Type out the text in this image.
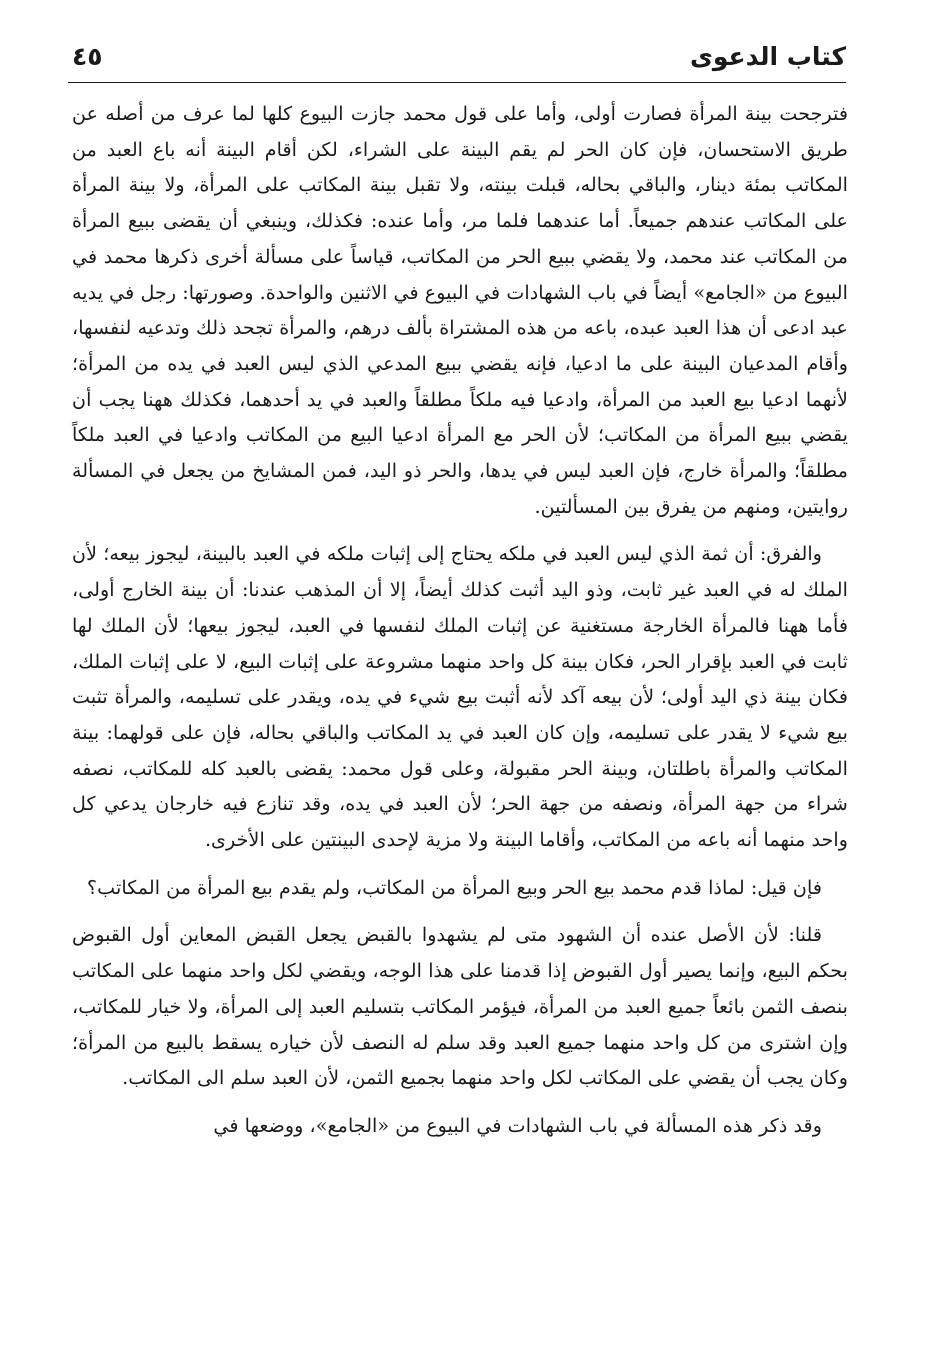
كتاب الدعوى
٤٥

فترجحت بينة المرأة فصارت أولى، وأما على قول محمد جازت البيوع كلها لما عرف من أصله عن طريق الاستحسان، فإن كان الحر لم يقم البينة على الشراء، لكن أقام البينة أنه باع العبد من المكاتب بمئة دينار، والباقي بحاله، قبلت بينته، ولا تقبل بينة المكاتب على المرأة، ولا بينة المرأة على المكاتب عندهم جميعاً. أما عندهما فلما مر، وأما عنده: فكذلك، وينبغي أن يقضى ببيع المرأة من المكاتب عند محمد، ولا يقضي ببيع الحر من المكاتب، قياساً على مسألة أخرى ذكرها محمد في البيوع من «الجامع» أيضاً في باب الشهادات في البيوع في الاثنين والواحدة. وصورتها: رجل في يديه عبد ادعى أن هذا العبد عبده، باعه من هذه المشتراة بألف درهم، والمرأة تجحد ذلك وتدعيه لنفسها، وأقام المدعيان البينة على ما ادعيا، فإنه يقضي ببيع المدعي الذي ليس العبد في يده من المرأة؛ لأنهما ادعيا بيع العبد من المرأة، وادعيا فيه ملكاً مطلقاً والعبد في يد أحدهما، فكذلك ههنا يجب أن يقضي ببيع المرأة من المكاتب؛ لأن الحر مع المرأة ادعيا البيع من المكاتب وادعيا في العبد ملكاً مطلقاً؛ والمرأة خارج، فإن العبد ليس في يدها، والحر ذو اليد، فمن المشايخ من يجعل في المسألة روايتين، ومنهم من يفرق بين المسألتين.

والفرق: أن ثمة الذي ليس العبد في ملكه يحتاج إلى إثبات ملكه في العبد بالبينة، ليجوز بيعه؛ لأن الملك له في العبد غير ثابت، وذو اليد أثبت كذلك أيضاً، إلا أن المذهب عندنا: أن بينة الخارج أولى، فأما ههنا فالمرأة الخارجة مستغنية عن إثبات الملك لنفسها في العبد، ليجوز بيعها؛ لأن الملك لها ثابت في العبد بإقرار الحر، فكان بينة كل واحد منهما مشروعة على إثبات البيع، لا على إثبات الملك، فكان بينة ذي اليد أولى؛ لأن بيعه آكد لأنه أثبت بيع شيء في يده، ويقدر على تسليمه، والمرأة تثبت بيع شيء لا يقدر على تسليمه، وإن كان العبد في يد المكاتب والباقي بحاله، فإن على قولهما: بينة المكاتب والمرأة باطلتان، وبينة الحر مقبولة، وعلى قول محمد: يقضى بالعبد كله للمكاتب، نصفه شراء من جهة المرأة، ونصفه من جهة الحر؛ لأن العبد في يده، وقد تنازع فيه خارجان يدعي كل واحد منهما أنه باعه من المكاتب، وأقاما البينة ولا مزية لإحدى البينتين على الأخرى.

فإن قيل: لماذا قدم محمد بيع الحر وبيع المرأة من المكاتب، ولم يقدم بيع المرأة من المكاتب؟

قلنا: لأن الأصل عنده أن الشهود متى لم يشهدوا بالقبض يجعل القبض المعاين أول القبوض بحكم البيع، وإنما يصير أول القبوض إذا قدمنا على هذا الوجه، ويقضي لكل واحد منهما على المكاتب بنصف الثمن بائعاً جميع العبد من المرأة، فيؤمر المكاتب بتسليم العبد إلى المرأة، ولا خيار للمكاتب، وإن اشترى من كل واحد منهما جميع العبد وقد سلم له النصف لأن خياره يسقط بالبيع من المرأة؛ وكان يجب أن يقضي على المكاتب لكل واحد منهما بجميع الثمن، لأن العبد سلم الى المكاتب.

وقد ذكر هذه المسألة في باب الشهادات في البيوع من «الجامع»، ووضعها في
